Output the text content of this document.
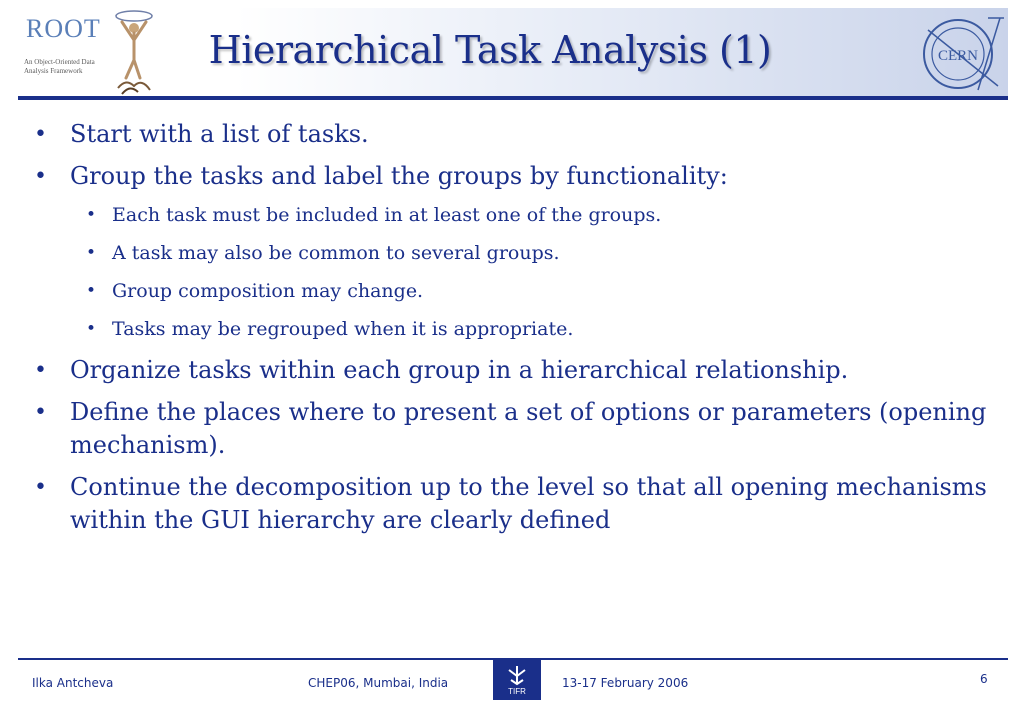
ROOT
An Object-Oriented Data Analysis Framework	Hierarchical Task Analysis (1)	CERN
• Start with a list of tasks.
• Group the tasks and label the groups by functionality:
• Each task must be included in at least one of the groups.
• A task may also be common to several groups.
• Group composition may change.
• Tasks may be regrouped when it is appropriate.
• Organize tasks within each group in a hierarchical relationship.
• Define the places where to present a set of options or parameters (opening mechanism).
• Continue the decomposition up to the level so that all opening mechanisms within the GUI hierarchy are clearly defined
Ilka Antcheva	CHEP06, Mumbai, India
TIFR
13-17 February 2006	6
